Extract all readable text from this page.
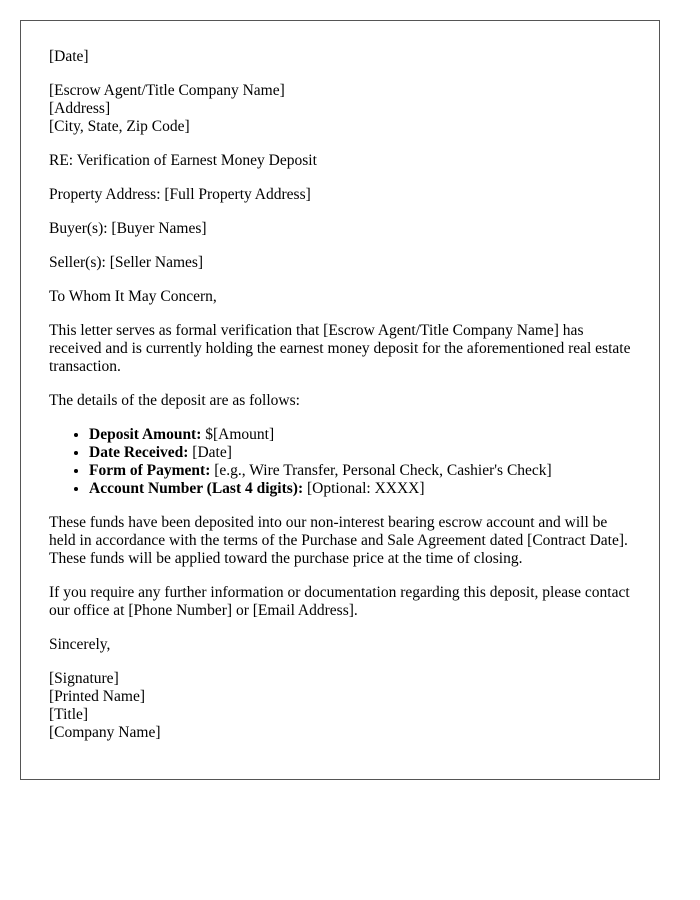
[Date]

[Escrow Agent/Title Company Name]
[Address]
[City, State, Zip Code]

RE: Verification of Earnest Money Deposit

Property Address: [Full Property Address]

Buyer(s): [Buyer Names]

Seller(s): [Seller Names]

To Whom It May Concern,

This letter serves as formal verification that [Escrow Agent/Title Company Name] has received and is currently holding the earnest money deposit for the aforementioned real estate transaction.

The details of the deposit are as follows:

• Deposit Amount: $[Amount]
• Date Received: [Date]
• Form of Payment: [e.g., Wire Transfer, Personal Check, Cashier's Check]
• Account Number (Last 4 digits): [Optional: XXXX]

These funds have been deposited into our non-interest bearing escrow account and will be held in accordance with the terms of the Purchase and Sale Agreement dated [Contract Date]. These funds will be applied toward the purchase price at the time of closing.

If you require any further information or documentation regarding this deposit, please contact our office at [Phone Number] or [Email Address].

Sincerely,

[Signature]
[Printed Name]
[Title]
[Company Name]
